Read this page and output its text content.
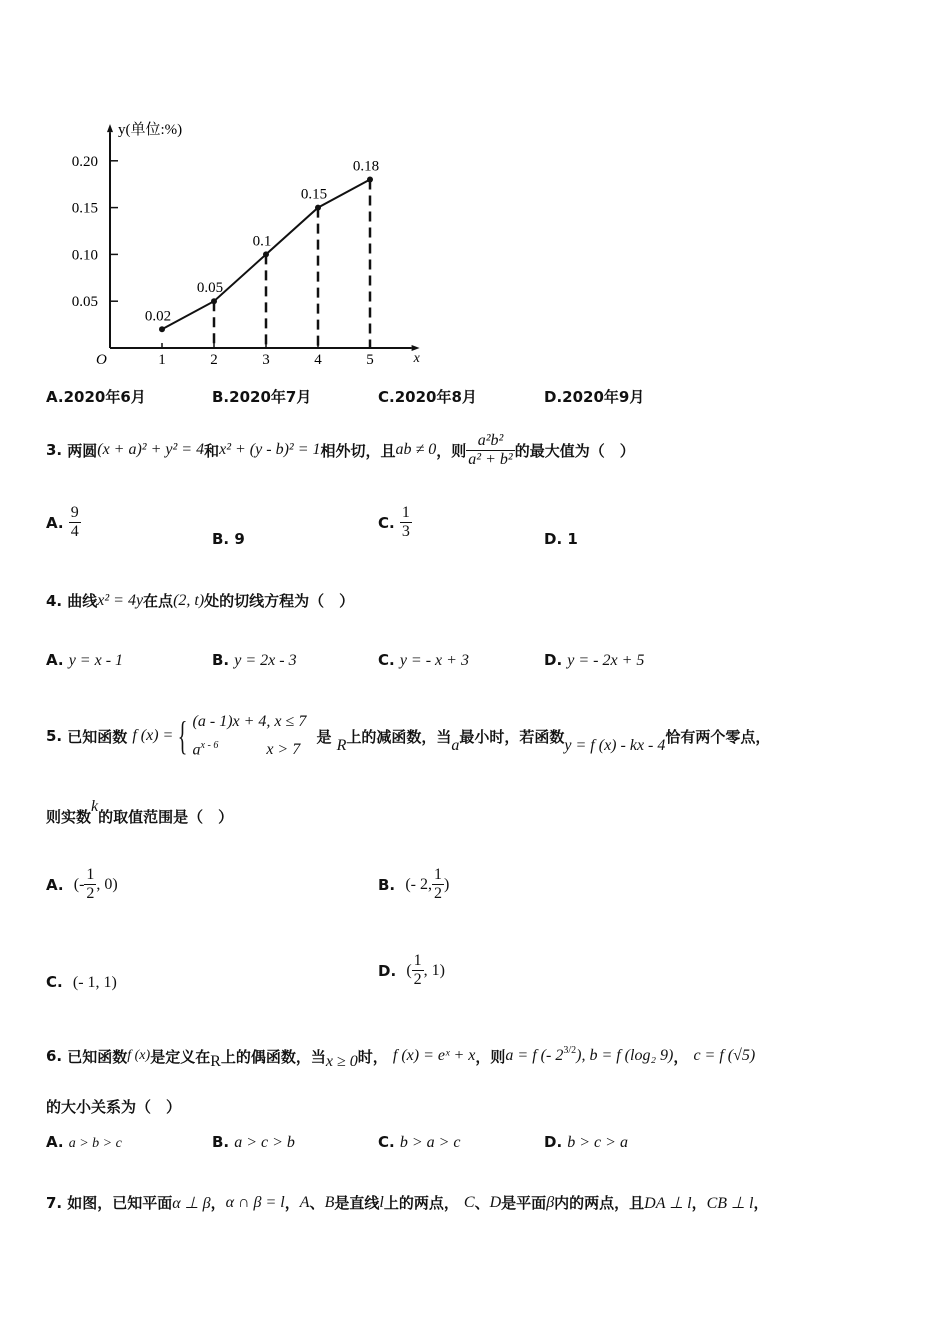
y(单位:%)
x
O
0.05
0.10
0.15
0.20
1	2	3	4	5
0.02
0.05
0.1
0.15
0.18
A.2020年6月	B.2020年7月	C.2020年8月	D.2020年9月
3.
两圆 (x + a)² + y² = 4 和 x² + (y - b)² = 1 相外切，且 ab ≠ 0 ，则 $\frac{\text{a²b²}}{\text{a² + b²}}$ 的最大值为（　）
A.
$\frac{9}{4}$	B. 9
C.
$\frac{1}{3}$	D. 1
4.
曲线 x² = 4y 在点 (2, t) 处的切线方程为（　）
A. y = x - 1	B. y = 2x - 3	C. y = - x + 3	D. y = - 2x + 5
5.
已知函数
f (x) = { (a - 1)x + 4, x ≤ 7
$a^{x - 6}$	x > 7

是
R 上的减函数，当 a 最小时，若函数 y = f (x) - kx - 4 恰有两个零点，
则实数
k
的取值范围是（　）
A.
(- $\frac{1}{2}$ , 0)	B.
(- 2, $\frac{1}{2}$ )
C. (- 1, 1)
D.
( $\frac{1}{2}$ , 1)
6.
已知函数 f (x) 是定义在 R 上的偶函数，当 x ≥ 0 时，
f (x) = eˣ + x ，则 a = f (- $2^{3/2}$ ) , b = f (log₂ 9) ，
c = f (√5)
的大小关系为（　）
A. a > b > c	B. a > c > b	C. b > a > c	D. b > c > a
7.
如图，已知平面 α ⊥ β ， α ∩ β = l ， A 、 B 是直线 l 上的两点，
C 、 D 是平面 β 内的两点，且 DA ⊥ l ， CB ⊥ l ，
